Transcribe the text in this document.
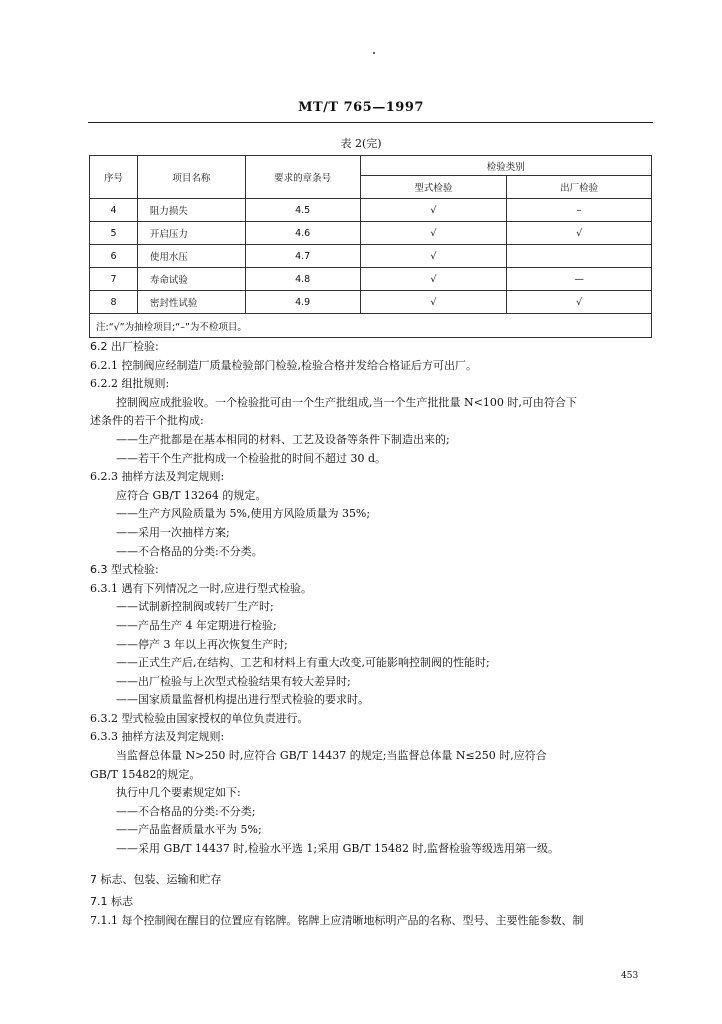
MT/T 765—1997
表 2(完)
序号	项目名称	要求的章条号	检验类别	
			型式检验	出厂检验
4	阻力损失	4.5	√	–
5	开启压力	4.6	√	√
6	使用水压	4.7	√	
7	寿命试验	4.8	√	—
8	密封性试验	4.9	√	√
注:“√”为抽检项目;“–”为不检项目。				

6.2 出厂检验:

6.2.1 控制阀应经制造厂质量检验部门检验,检验合格并发给合格证后方可出厂。

6.2.2 组批规则:

控制阀应成批验收。一个检验批可由一个生产批组成,当一个生产批批量 N<100 时,可由符合下

述条件的若干个批构成:

——生产批都是在基本相同的材料、工艺及设备等条件下制造出来的;

——若干个生产批构成一个检验批的时间不超过 30 d。

6.2.3 抽样方法及判定规则:

应符合 GB/T 13264 的规定。

——生产方风险质量为 5%,使用方风险质量为 35%;

——采用一次抽样方案;

——不合格品的分类:不分类。

6.3 型式检验:

6.3.1 遇有下列情况之一时,应进行型式检验。

——试制新控制阀或转厂生产时;

——产品生产 4 年定期进行检验;

——停产 3 年以上再次恢复生产时;

——正式生产后,在结构、工艺和材料上有重大改变,可能影响控制阀的性能时;

——出厂检验与上次型式检验结果有较大差异时;

——国家质量监督机构提出进行型式检验的要求时。

6.3.2 型式检验由国家授权的单位负责进行。

6.3.3 抽样方法及判定规则:

当监督总体量 N>250 时,应符合 GB/T 14437 的规定;当监督总体量 N≤250 时,应符合

GB/T 15482的规定。

执行中几个要素规定如下:

——不合格品的分类:不分类;

——产品监督质量水平为 5%;

——采用 GB/T 14437 时,检验水平选 1;采用 GB/T 15482 时,监督检验等级选用第一级。

7 标志、包装、运输和贮存

7.1 标志

7.1.1 每个控制阀在醒目的位置应有铭牌。铭牌上应清晰地标明产品的名称、型号、主要性能参数、制

453
